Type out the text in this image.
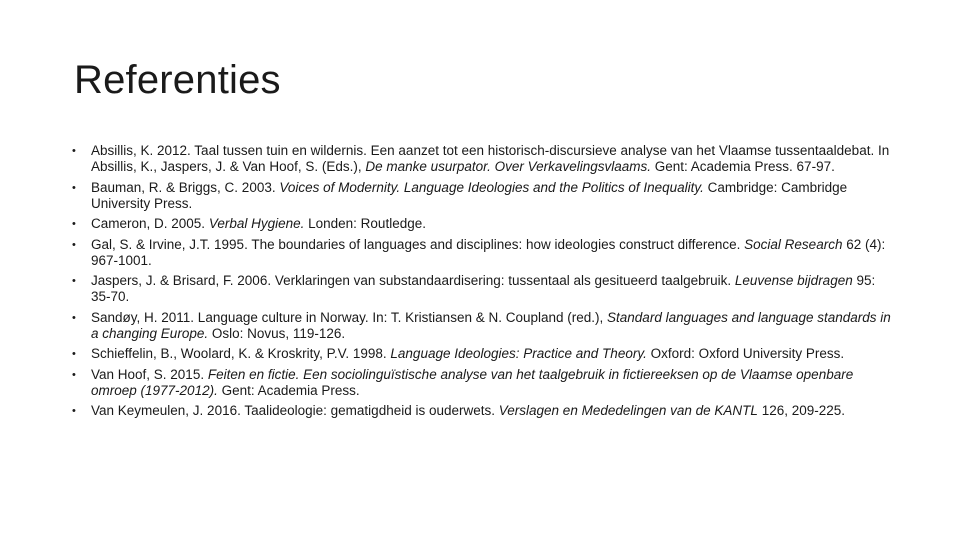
Referenties
• Absillis, K. 2012. Taal tussen tuin en wildernis. Een aanzet tot een historisch-discursieve analyse van het Vlaamse tussentaaldebat. In Absillis, K., Jaspers, J. & Van Hoof, S. (Eds.), De manke usurpator. Over Verkavelingsvlaams. Gent: Academia Press. 67-97.
• Bauman, R. & Briggs, C. 2003. Voices of Modernity. Language Ideologies and the Politics of Inequality. Cambridge: Cambridge University Press.
• Cameron, D. 2005. Verbal Hygiene. Londen: Routledge.
• Gal, S. & Irvine, J.T. 1995. The boundaries of languages and disciplines: how ideologies construct difference. Social Research 62 (4): 967-1001.
• Jaspers, J. & Brisard, F. 2006. Verklaringen van substandaardisering: tussentaal als gesitueerd taalgebruik. Leuvense bijdragen 95: 35-70.
• Sandøy, H. 2011. Language culture in Norway. In: T. Kristiansen & N. Coupland (red.), Standard languages and language standards in a changing Europe. Oslo: Novus, 119-126.
• Schieffelin, B., Woolard, K. & Kroskrity, P.V. 1998. Language Ideologies: Practice and Theory. Oxford: Oxford University Press.
• Van Hoof, S. 2015. Feiten en fictie. Een sociolinguïstische analyse van het taalgebruik in fictiereeksen op de Vlaamse openbare omroep (1977-2012). Gent: Academia Press.
• Van Keymeulen, J. 2016. Taalideologie: gematigdheid is ouderwets. Verslagen en Mededelingen van de KANTL 126, 209-225.
